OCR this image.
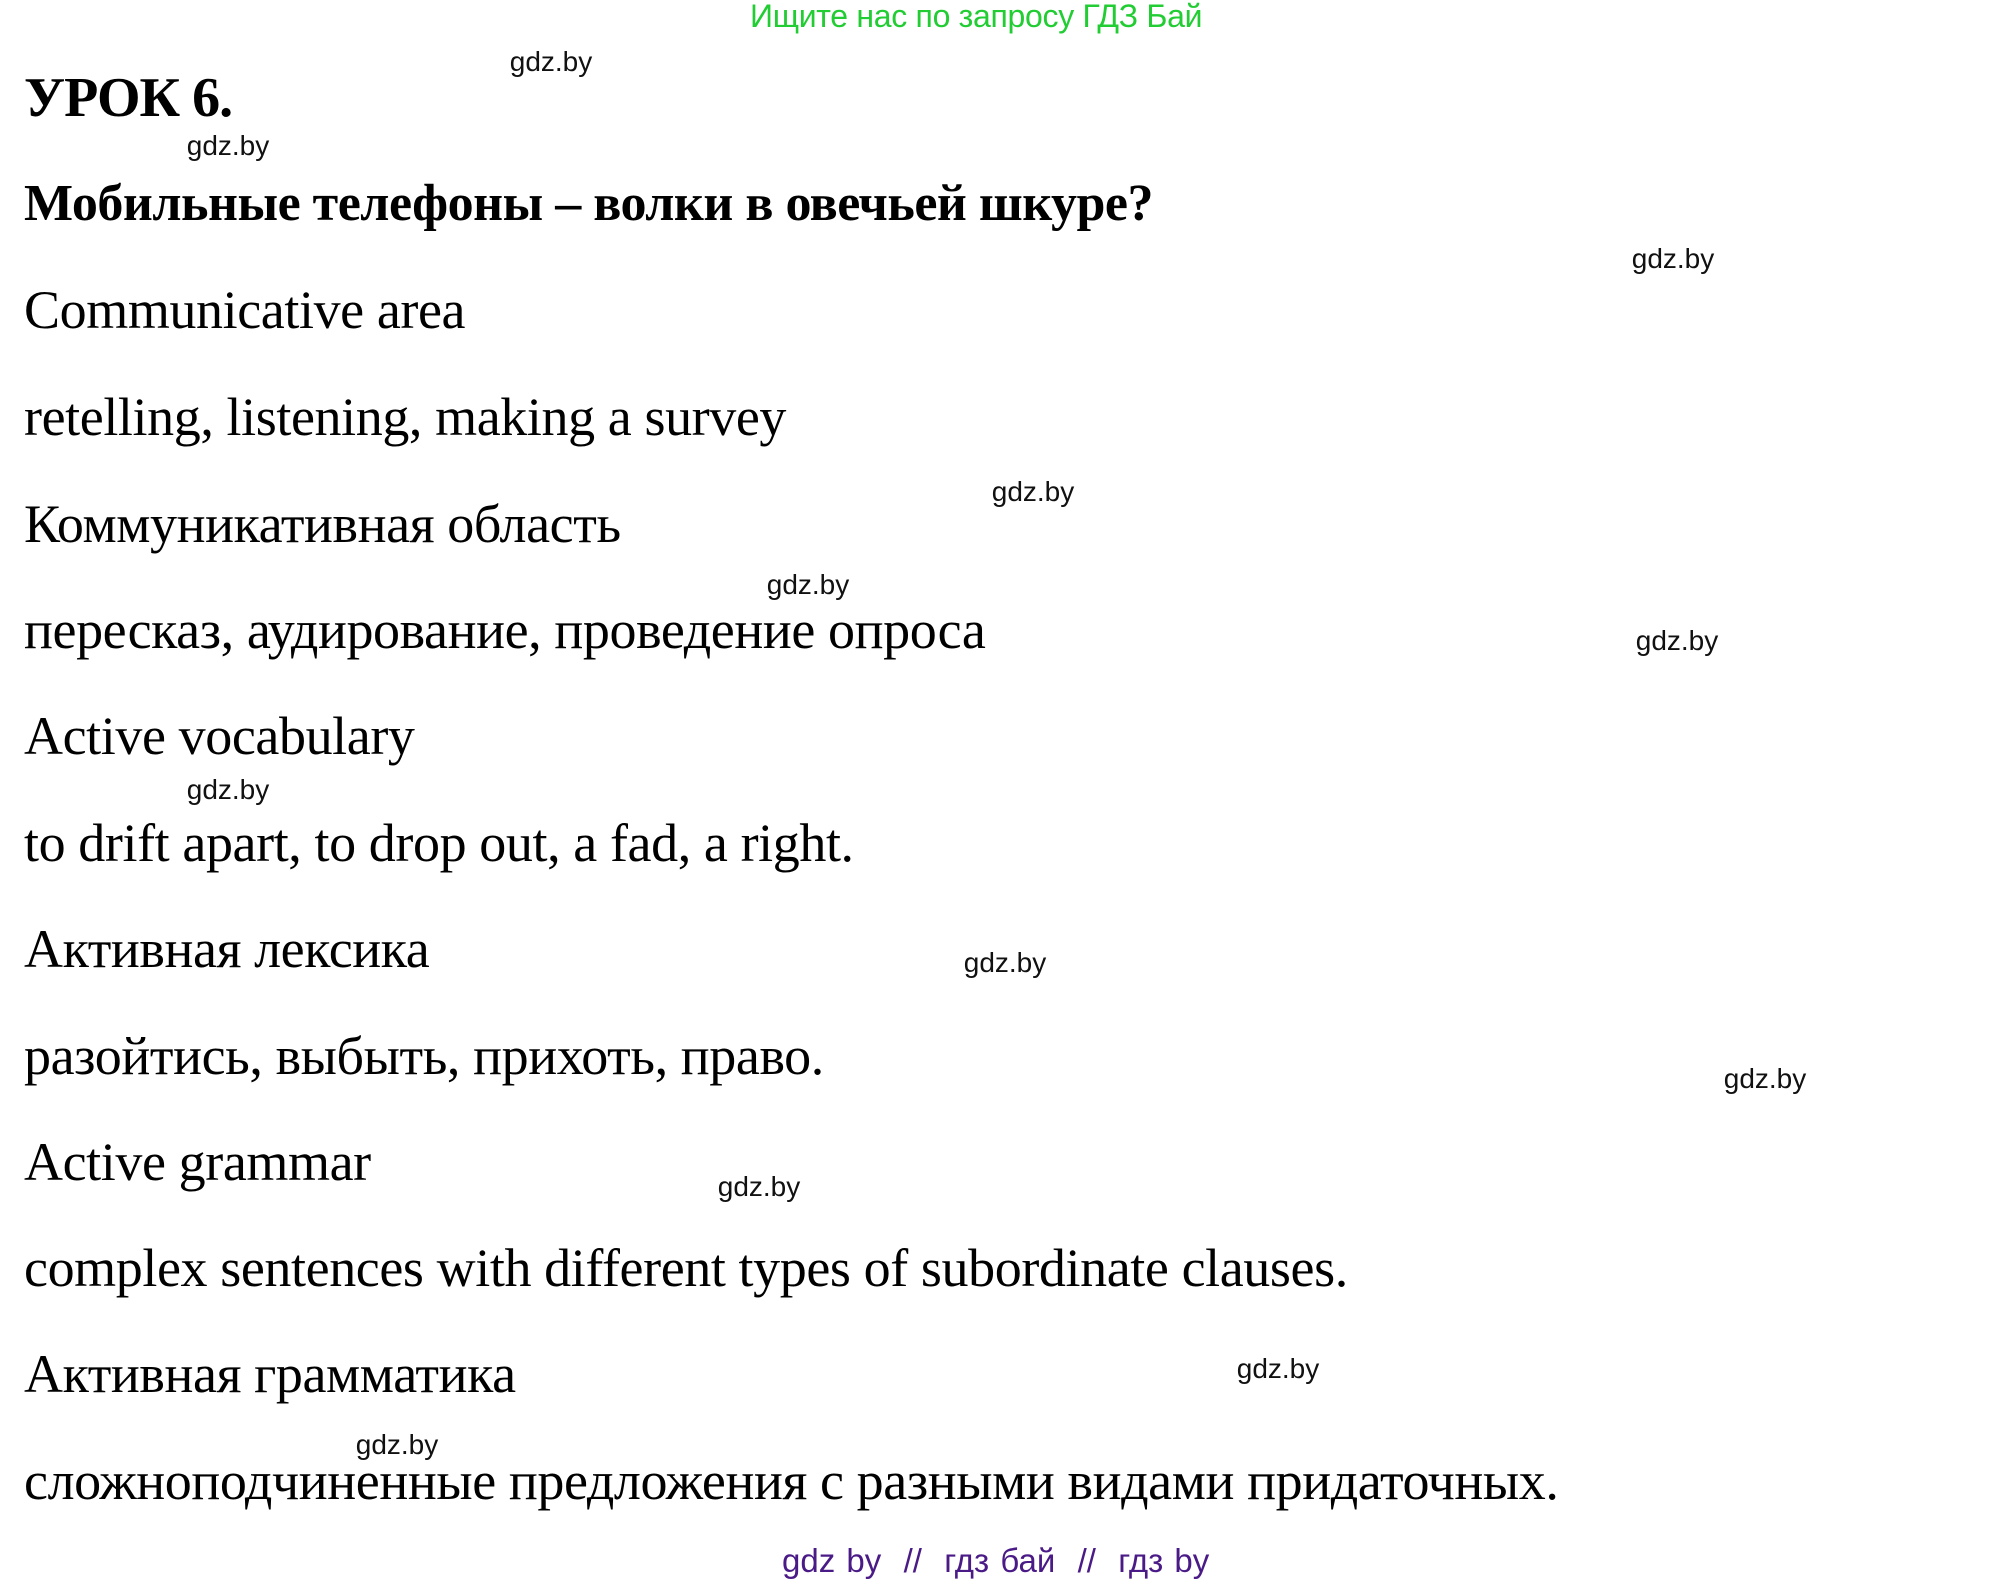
Ищите нас по запросу ГДЗ Бай
УРОК 6.
Мобильные телефоны – волки в овечьей шкуре?
Communicative area
retelling, listening, making a survey
Коммуникативная область
пересказ, аудирование, проведение опроса
Active vocabulary
to drift apart, to drop out, a fad, a right.
Активная лексика
разойтись, выбыть, прихоть, право.
Active grammar
complex sentences with different types of subordinate clauses.
Активная грамматика
сложноподчиненные предложения с разными видами придаточных.
gdz.by
gdz.by
gdz.by
gdz.by
gdz.by
gdz.by
gdz.by
gdz.by
gdz.by
gdz.by
gdz.by
gdz.by
gdz by  //  гдз бай  //  гдз by
